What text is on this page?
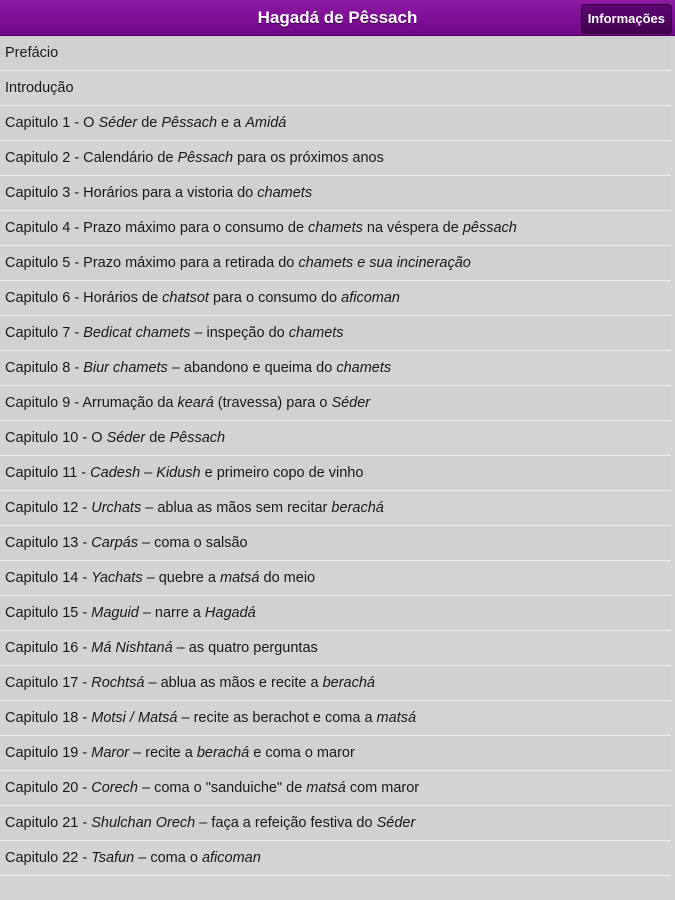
Hagadá de Pêssach	Informações
Prefácio
Introdução
Capitulo 1 - O Séder de Pêssach e a Amidá
Capitulo 2 - Calendário de Pêssach para os próximos anos
Capitulo 3 - Horários para a vistoria do chamets
Capitulo 4 - Prazo máximo para o consumo de chamets na véspera de pêssach
Capitulo 5 - Prazo máximo para a retirada do chamets e sua incineração
Capitulo 6 - Horários de chatsot para o consumo do aficoman
Capitulo 7 - Bedicat chamets – inspeção do chamets
Capitulo 8 - Biur chamets – abandono e queima do chamets
Capitulo 9 - Arrumação da keará (travessa) para o Séder
Capitulo 10 - O Séder de Pêssach
Capitulo 11 - Cadesh – Kidush e primeiro copo de vinho
Capitulo 12 - Urchats – ablua as mãos sem recitar berachá
Capitulo 13 - Carpás – coma o salsão
Capitulo 14 - Yachats – quebre a matsá do meio
Capitulo 15 - Maguid – narre a Hagadá
Capitulo 16 - Má Nishtaná – as quatro perguntas
Capitulo 17 - Rochtsá – ablua as mãos e recite a berachá
Capitulo 18 - Motsi / Matsá – recite as berachot e coma a matsá
Capitulo 19 - Maror – recite a berachá e coma o maror
Capitulo 20 - Corech – coma o "sanduiche" de matsá com maror
Capitulo 21 - Shulchan Orech – faça a refeição festiva do Séder
Capitulo 22 - Tsafun – coma o aficoman
